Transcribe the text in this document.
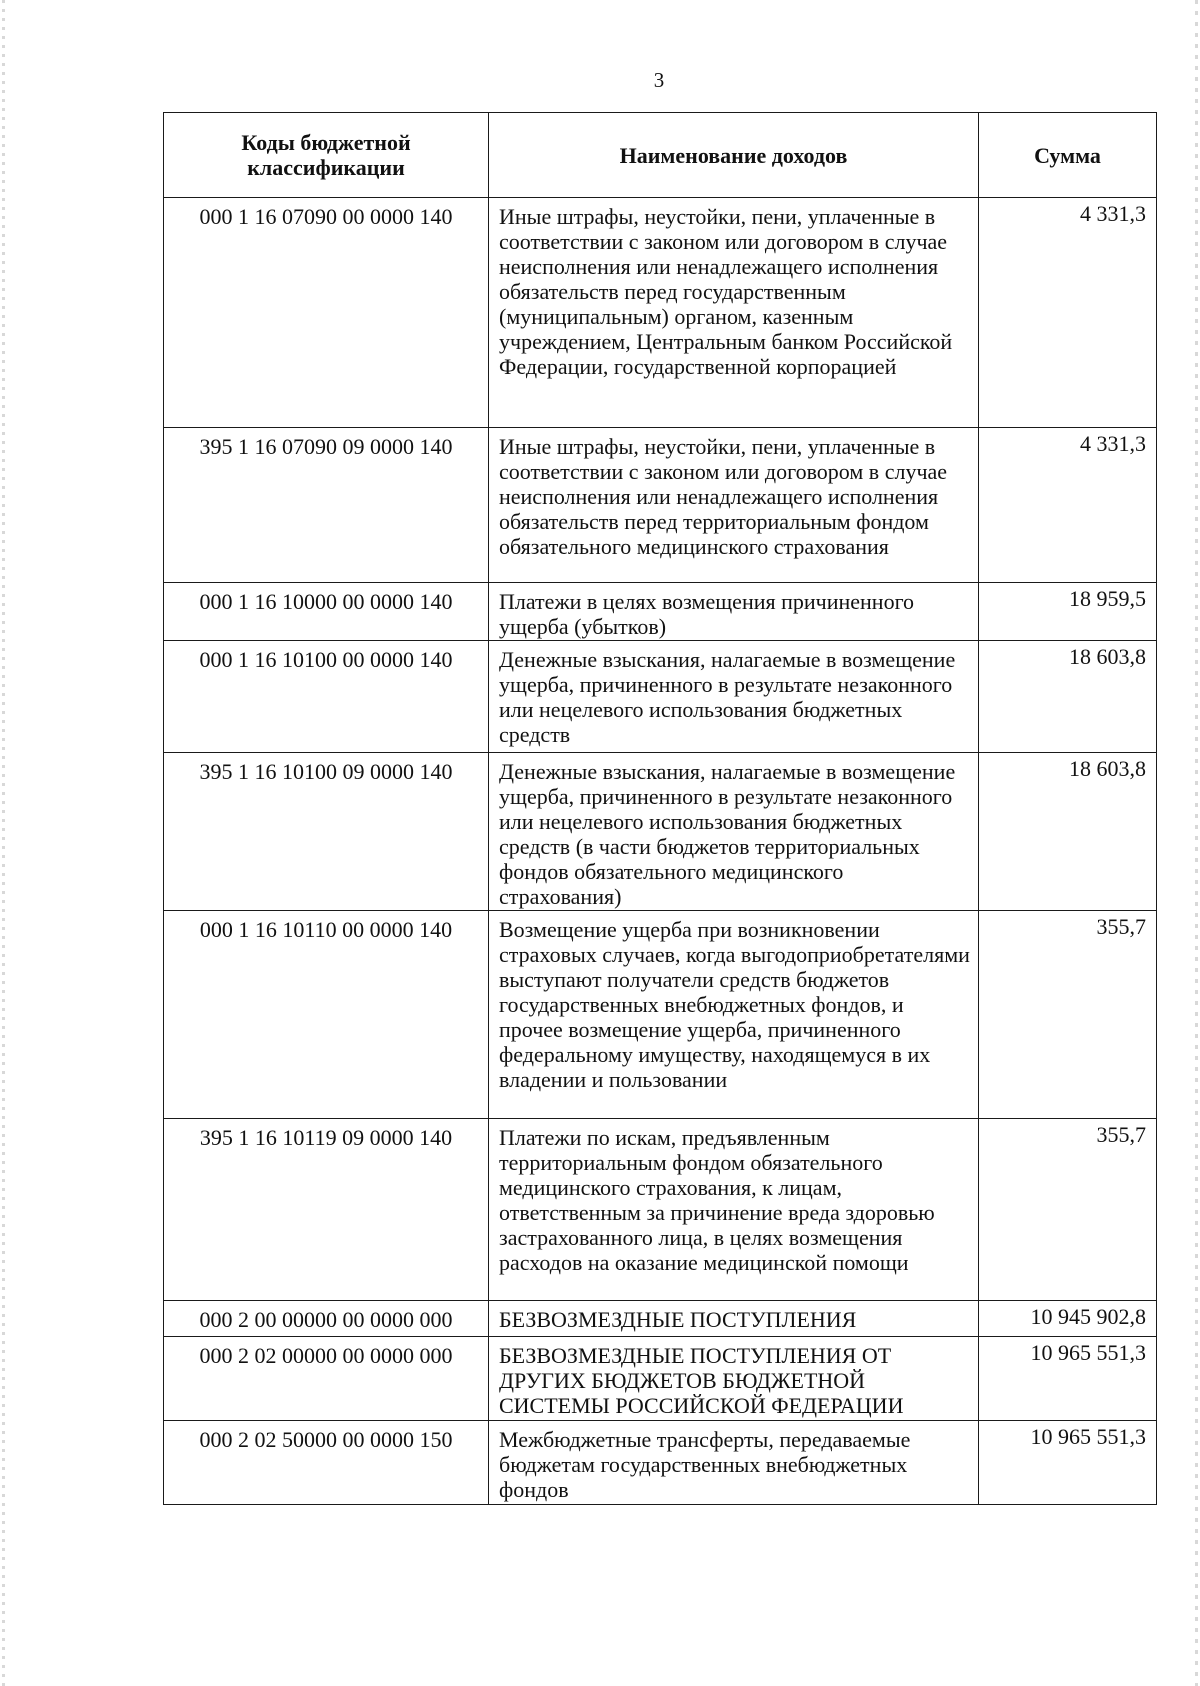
3
Коды бюджетной классификации	Наименование доходов	Сумма
000 1 16 07090 00 0000 140	Иные штрафы, неустойки, пени, уплаченные в соответствии с законом или договором в случае неисполнения или ненадлежащего исполнения обязательств перед государственным (муниципальным) органом, казенным учреждением, Центральным банком Российской Федерации, государственной корпорацией	4 331,3
395 1 16 07090 09 0000 140	Иные штрафы, неустойки, пени, уплаченные в соответствии с законом или договором в случае неисполнения или ненадлежащего исполнения обязательств перед территориальным фондом обязательного медицинского страхования	4 331,3
000 1 16 10000 00 0000 140	Платежи в целях возмещения причиненного ущерба (убытков)	18 959,5
000 1 16 10100 00 0000 140	Денежные взыскания, налагаемые в возмещение ущерба, причиненного в результате незаконного или нецелевого использования бюджетных средств	18 603,8
395 1 16 10100 09 0000 140	Денежные взыскания, налагаемые в возмещение ущерба, причиненного в результате незаконного или нецелевого использования бюджетных средств (в части бюджетов территориальных фондов обязательного медицинского страхования)	18 603,8
000 1 16 10110 00 0000 140	Возмещение ущерба при возникновении страховых случаев, когда выгодоприобретателями выступают получатели средств бюджетов государственных внебюджетных фондов, и прочее возмещение ущерба, причиненного федеральному имуществу, находящемуся в их владении и пользовании	355,7
395 1 16 10119 09 0000 140	Платежи по искам, предъявленным территориальным фондом обязательного медицинского страхования, к лицам, ответственным за причинение вреда здоровью застрахованного лица, в целях возмещения расходов на оказание медицинской помощи	355,7
000 2 00 00000 00 0000 000	БЕЗВОЗМЕЗДНЫЕ ПОСТУПЛЕНИЯ	10 945 902,8
000 2 02 00000 00 0000 000	БЕЗВОЗМЕЗДНЫЕ ПОСТУПЛЕНИЯ ОТ ДРУГИХ БЮДЖЕТОВ БЮДЖЕТНОЙ СИСТЕМЫ РОССИЙСКОЙ ФЕДЕРАЦИИ	10 965 551,3
000 2 02 50000 00 0000 150	Межбюджетные трансферты, передаваемые бюджетам государственных внебюджетных фондов	10 965 551,3
